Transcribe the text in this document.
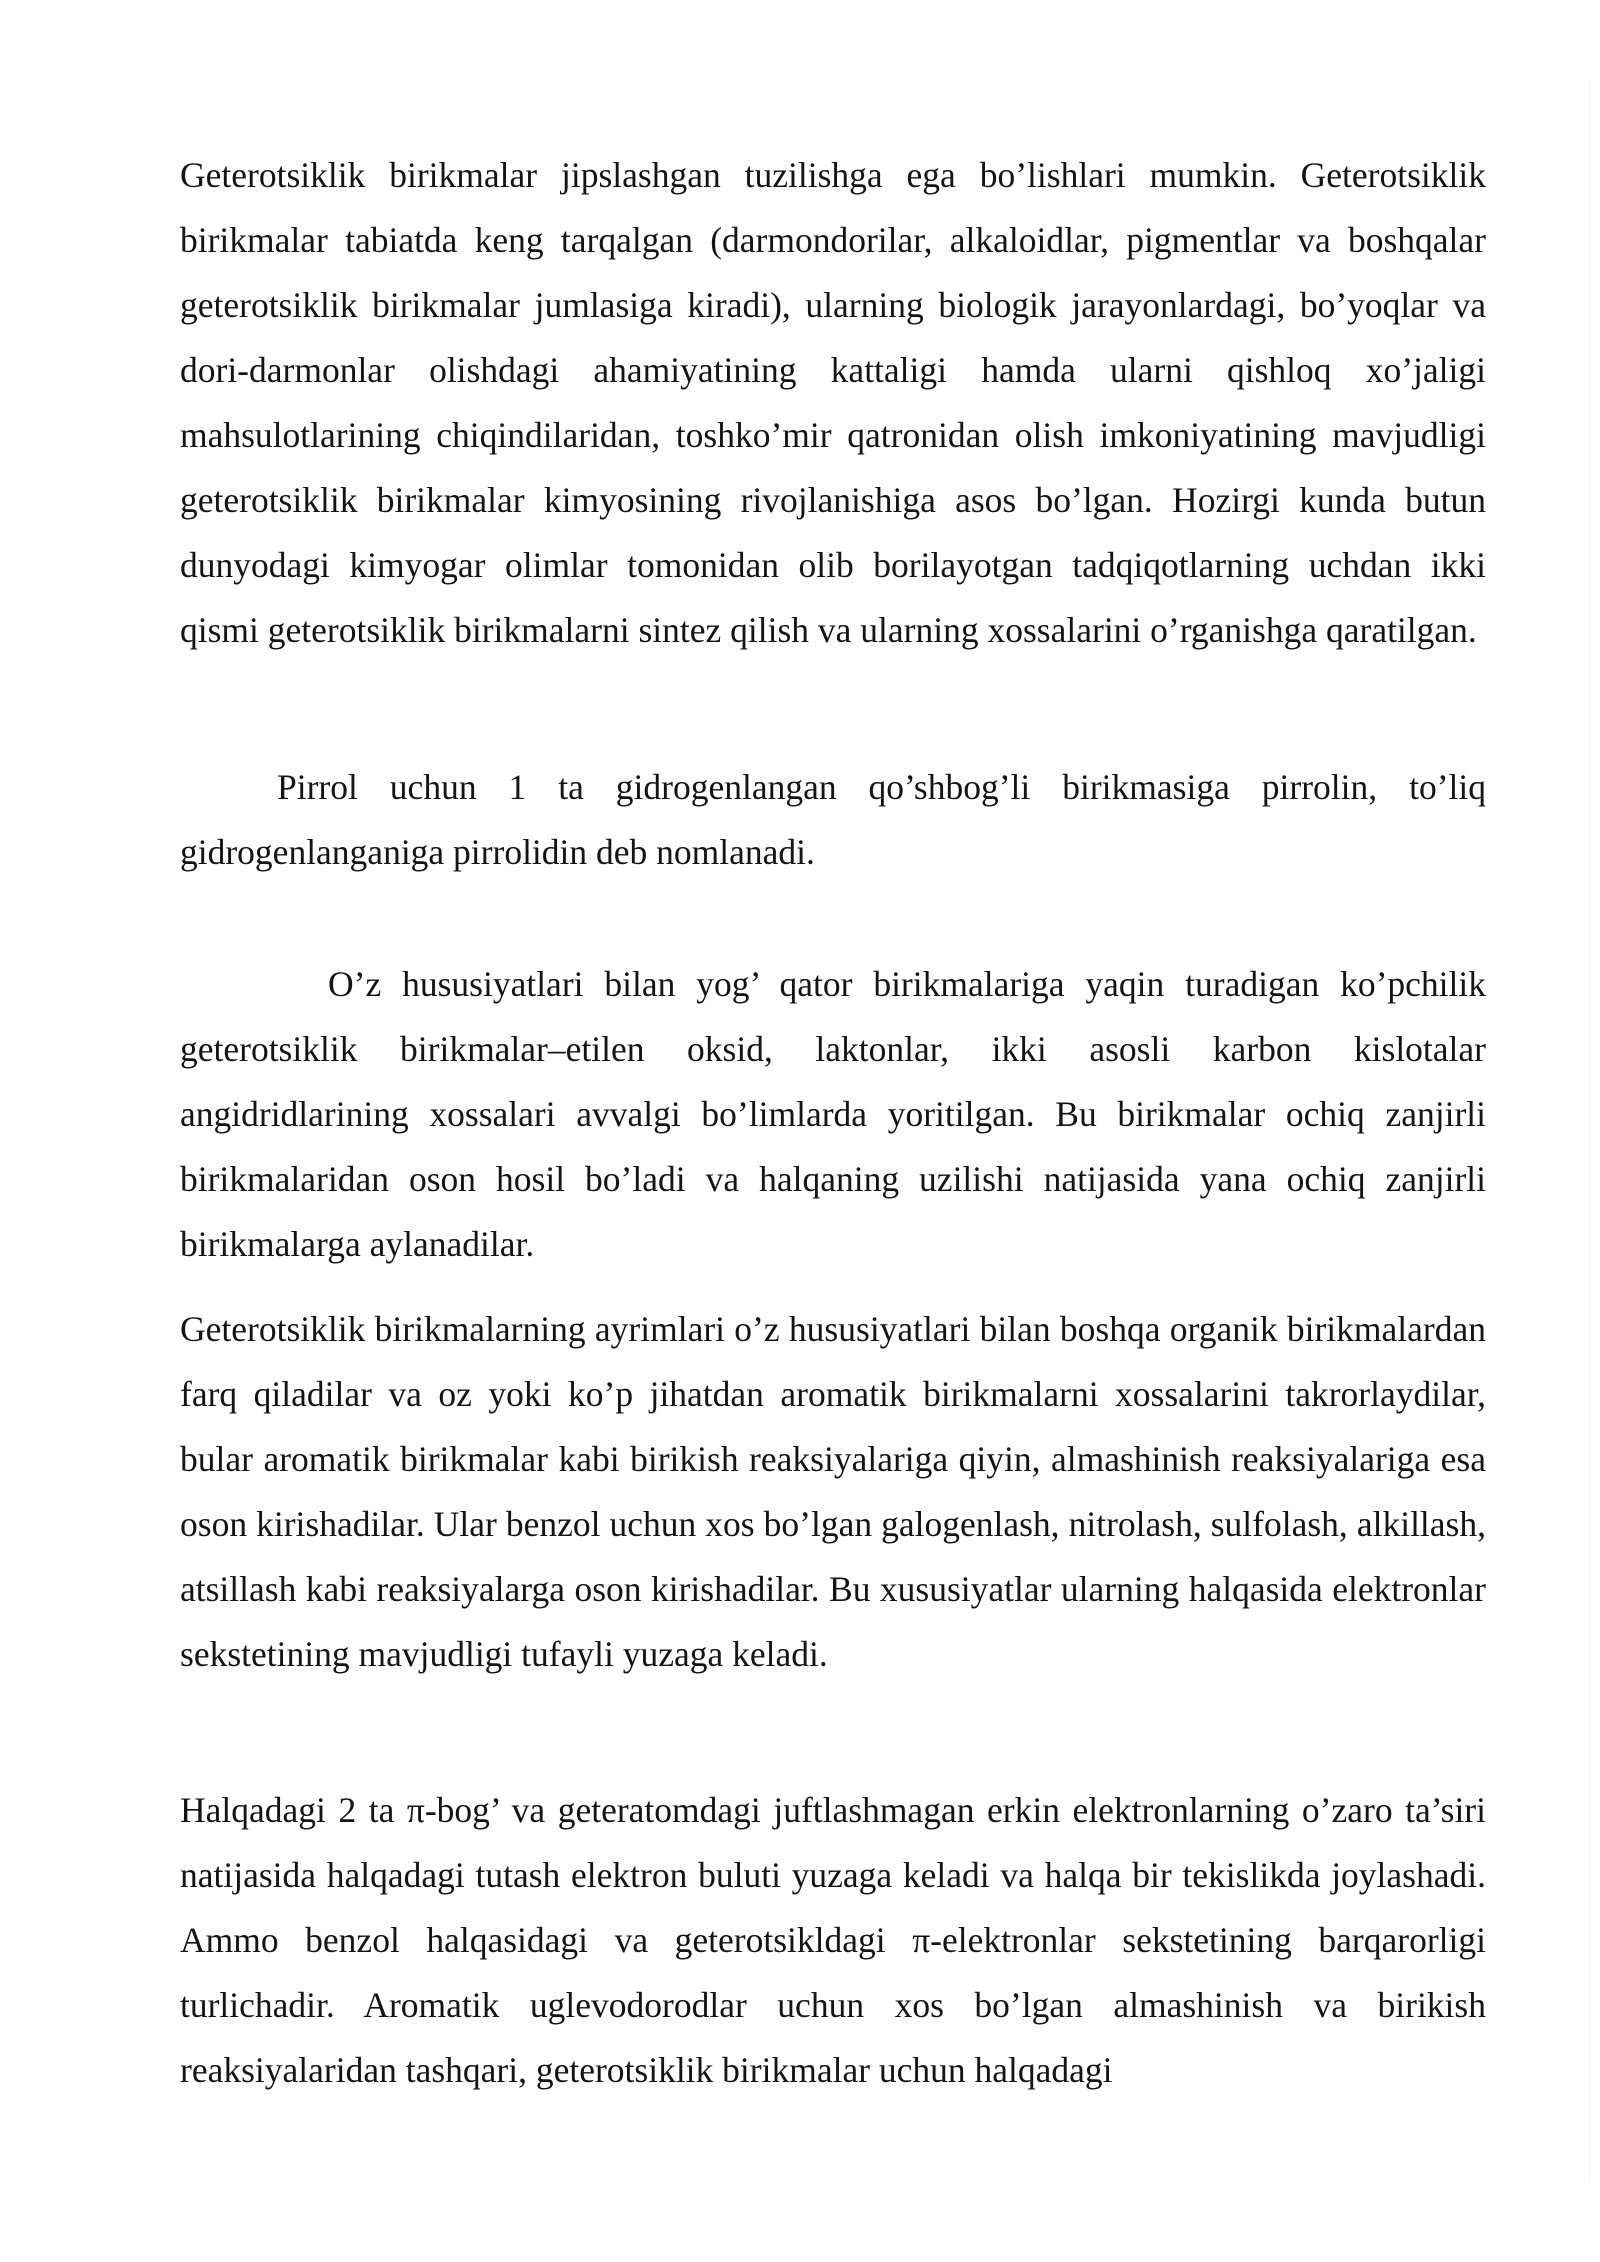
Geterotsiklik birikmalar jipslashgan tuzilishga ega bo’lishlari mumkin. Geterotsiklik birikmalar tabiatda keng tarqalgan (darmondorilar, alkaloidlar, pigmentlar va boshqalar geterotsiklik birikmalar jumlasiga kiradi), ularning biologik jarayonlardagi, bo’yoqlar va dori-darmonlar olishdagi ahamiyatining kattaligi hamda ularni qishloq xo’jaligi mahsulotlarining chiqindilaridan, toshko’mir qatronidan olish imkoniyatining mavjudligi geterotsiklik birikmalar kimyosining rivojlanishiga asos bo’lgan. Hozirgi kunda butun dunyodagi kimyogar olimlar tomonidan olib borilayotgan tadqiqotlarning uchdan ikki qismi geterotsiklik birikmalarni sintez qilish va ularning xossalarini o’rganishga qaratilgan.

Pirrol uchun 1 ta gidrogenlangan qo’shbog’li birikmasiga pirrolin, to’liq gidrogenlanganiga pirrolidin deb nomlanadi.

O’z hususiyatlari bilan yog’ qator birikmalariga yaqin turadigan ko’pchilik geterotsiklik birikmalar–etilen oksid, laktonlar, ikki asosli karbon kislotalar angidridlarining xossalari avvalgi bo’limlarda yoritilgan. Bu birikmalar ochiq zanjirli birikmalaridan oson hosil bo’ladi va halqaning uzilishi natijasida yana ochiq zanjirli birikmalarga aylanadilar.

Geterotsiklik birikmalarning ayrimlari o’z hususiyatlari bilan boshqa organik birikmalardan farq qiladilar va oz yoki ko’p jihatdan aromatik birikmalarni xossalarini takrorlaydilar, bular aromatik birikmalar kabi birikish reaksiyalariga qiyin, almashinish reaksiyalariga esa oson kirishadilar. Ular benzol uchun xos bo’lgan galogenlash, nitrolash, sulfolash, alkillash, atsillash kabi reaksiyalarga oson kirishadilar. Bu xususiyatlar ularning halqasida elektronlar sekstetining mavjudligi tufayli yuzaga keladi.

Halqadagi 2 ta π-bog’ va geteratomdagi juftlashmagan erkin elektronlarning o’zaro ta’siri natijasida halqadagi tutash elektron buluti yuzaga keladi va halqa bir tekislikda joylashadi. Ammo benzol halqasidagi va geterotsikldagi π-elektronlar sekstetining barqarorligi turlichadir. Aromatik uglevodorodlar uchun xos bo’lgan almashinish va birikish reaksiyalaridan tashqari, geterotsiklik birikmalar uchun halqadagi
